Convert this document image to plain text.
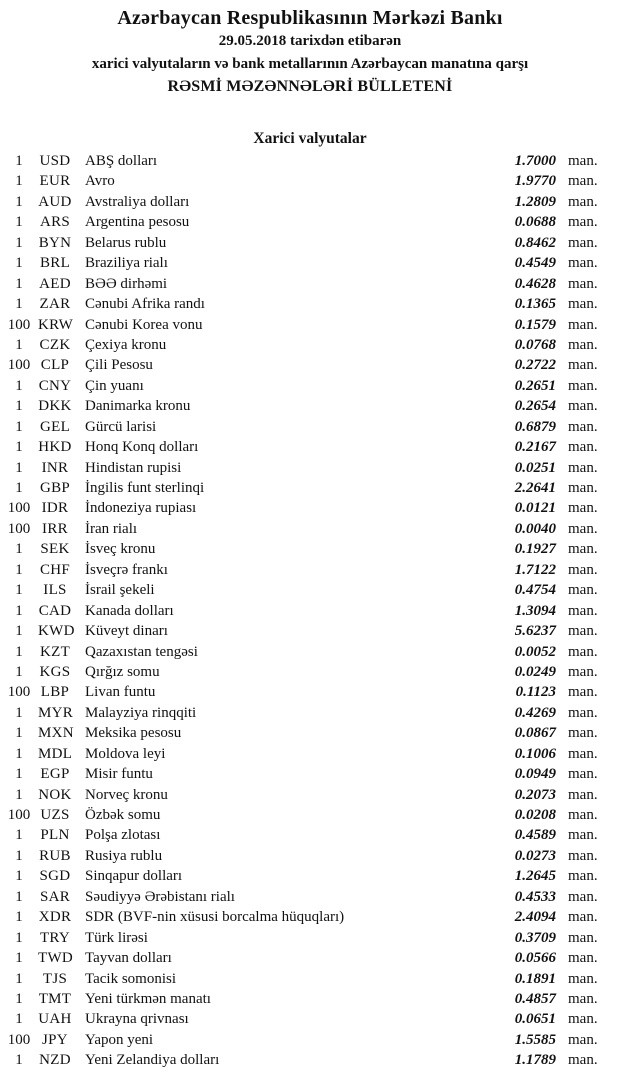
Azərbaycan Respublikasının Mərkəzi Bankı
29.05.2018 tarixdən etibarən
xarici valyutaların və bank metallarının Azərbaycan manatına qarşı
RƏSMİ MƏZƏNNƏLƏRİ BÜLLETENİ
Xarici valyutalar
1	USD ABŞ dolları	1.7000 man.
1	EUR Avro	1.9770 man.
1	AUD Avstraliya dolları	1.2809 man.
1	ARS Argentina pesosu	0.0688 man.
1	BYN Belarus rublu	0.8462 man.
1	BRL Braziliya rialı	0.4549 man.
1	AED BƏƏ dirhəmi	0.4628 man.
1	ZAR Cənubi Afrika randı	0.1365 man.
100 KRW Cənubi Korea vonu	0.1579 man.
1	CZK Çexiya kronu	0.0768 man.
100 CLP	Çili Pesosu	0.2722 man.
1	CNY Çin yuanı	0.2651 man.
1	DKK Danimarka kronu	0.2654 man.
1	GEL Gürcü larisi	0.6879 man.
1	HKD Honq Konq dolları	0.2167 man.
1	INR	Hindistan rupisi	0.0251 man.
1	GBP İngilis funt sterlinqi	2.2641 man.
100 IDR	İndoneziya rupiası	0.0121 man.
100 IRR	İran rialı	0.0040 man.
1	SEK	İsveç kronu	0.1927 man.
1	CHF İsveçrə frankı	1.7122 man.
1	ILS	İsrail şekeli	0.4754 man.
1	CAD Kanada dolları	1.3094 man.
1	KWD Küveyt dinarı	5.6237 man.
1	KZT Qazaxıstan tengəsi	0.0052 man.
1	KGS Qırğız somu	0.0249 man.
100 LBP	Livan funtu	0.1123 man.
1	MYR Malayziya rinqqiti	0.4269 man.
1	MXN Meksika pesosu	0.0867 man.
1	MDL Moldova leyi	0.1006 man.
1	EGP	Misir funtu	0.0949 man.
1	NOK Norveç kronu	0.2073 man.
100 UZS	Özbək somu	0.0208 man.
1	PLN	Polşa zlotası	0.4589 man.
1	RUB Rusiya rublu	0.0273 man.
1	SGD Sinqapur dolları	1.2645 man.
1	SAR Səudiyyə Ərəbistanı rialı	0.4533 man.
1	XDR SDR (BVF-nin xüsusi borcalma hüquqları)	2.4094 man.
1	TRY Türk lirəsi	0.3709 man.
1	TWD Tayvan dolları	0.0566 man.
1	TJS	Tacik somonisi	0.1891 man.
1	TMT Yeni türkmən manatı	0.4857 man.
1	UAH Ukrayna qrivnası	0.0651 man.
100 JPY	Yapon yeni	1.5585 man.
1	NZD Yeni Zelandiya dolları	1.1789 man.
